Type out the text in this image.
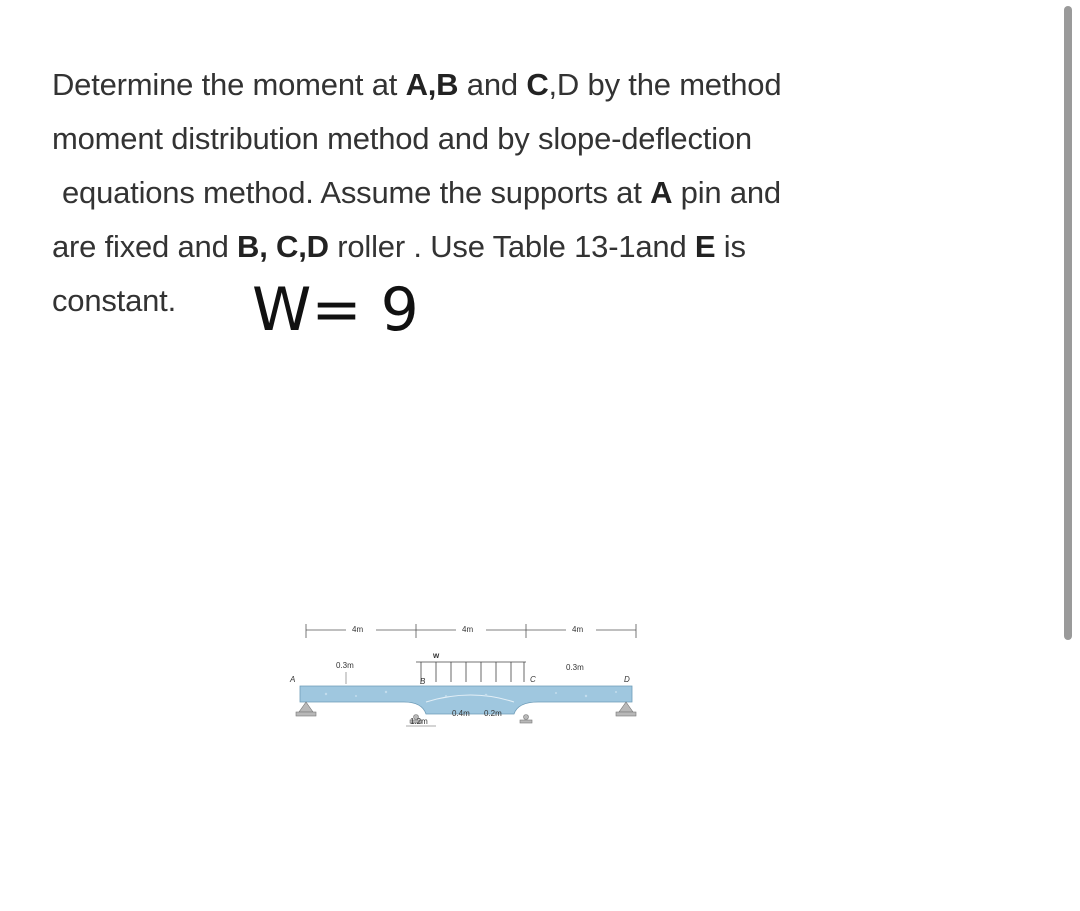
Determine the moment at A,B and C,D by the method

moment distribution method and by slope-deflection

equations method. Assume the supports at A pin and

are fixed and B, C,D roller . Use Table 13-1and E is

constant.	W= 9
4m	4m	4m
w
0.3m	0.3m
A	B	C	D
1.2m
0.4m 0.2m
